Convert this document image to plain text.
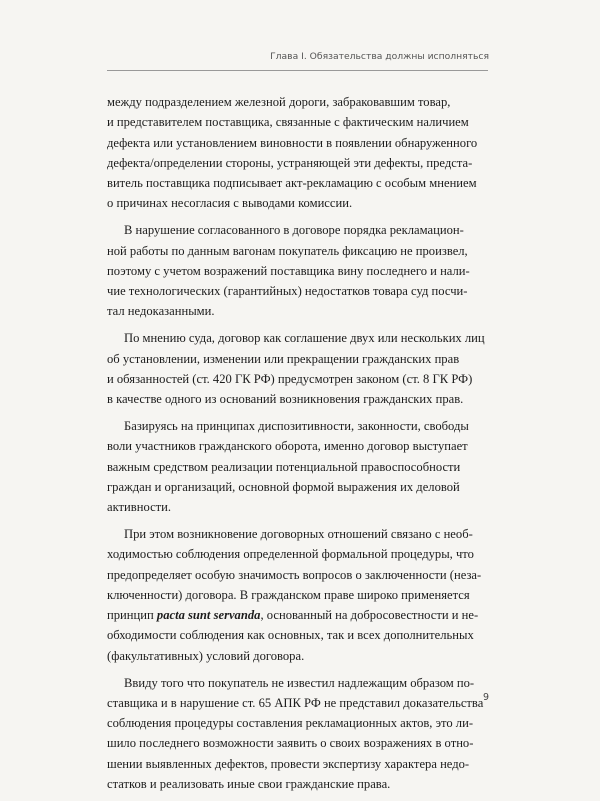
Глава I. Обязательства должны исполняться
между подразделением железной дороги, забраковавшим товар,
и представителем поставщика, связанные с фактическим наличием
дефекта или установлением виновности в появлении обнаруженного
дефекта/определении стороны, устраняющей эти дефекты, предста-
витель поставщика подписывает акт-рекламацию с особым мнением
о причинах несогласия с выводами комиссии.
В нарушение согласованного в договоре порядка рекламацион-
ной работы по данным вагонам покупатель фиксацию не произвел,
поэтому с учетом возражений поставщика вину последнего и нали-
чие технологических (гарантийных) недостатков товара суд посчи-
тал недоказанными.
По мнению суда, договор как соглашение двух или нескольких лиц
об установлении, изменении или прекращении гражданских прав
и обязанностей (ст. 420 ГК РФ) предусмотрен законом (ст. 8 ГК РФ)
в качестве одного из оснований возникновения гражданских прав.
Базируясь на принципах диспозитивности, законности, свободы
воли участников гражданского оборота, именно договор выступает
важным средством реализации потенциальной правоспособности
граждан и организаций, основной формой выражения их деловой
активности.
При этом возникновение договорных отношений связано с необ-
ходимостью соблюдения определенной формальной процедуры, что
предопределяет особую значимость вопросов о заключенности (неза-
ключенности) договора. В гражданском праве широко применяется
принцип pacta sunt servanda, основанный на добросовестности и не-
обходимости соблюдения как основных, так и всех дополнительных
(факультативных) условий договора.
Ввиду того что покупатель не известил надлежащим образом по-
ставщика и в нарушение ст. 65 АПК РФ не представил доказательства
соблюдения процедуры составления рекламационных актов, это ли-
шило последнего возможности заявить о своих возражениях в отно-
шении выявленных дефектов, провести экспертизу характера недо-
статков и реализовать иные свои гражданские права.
9
